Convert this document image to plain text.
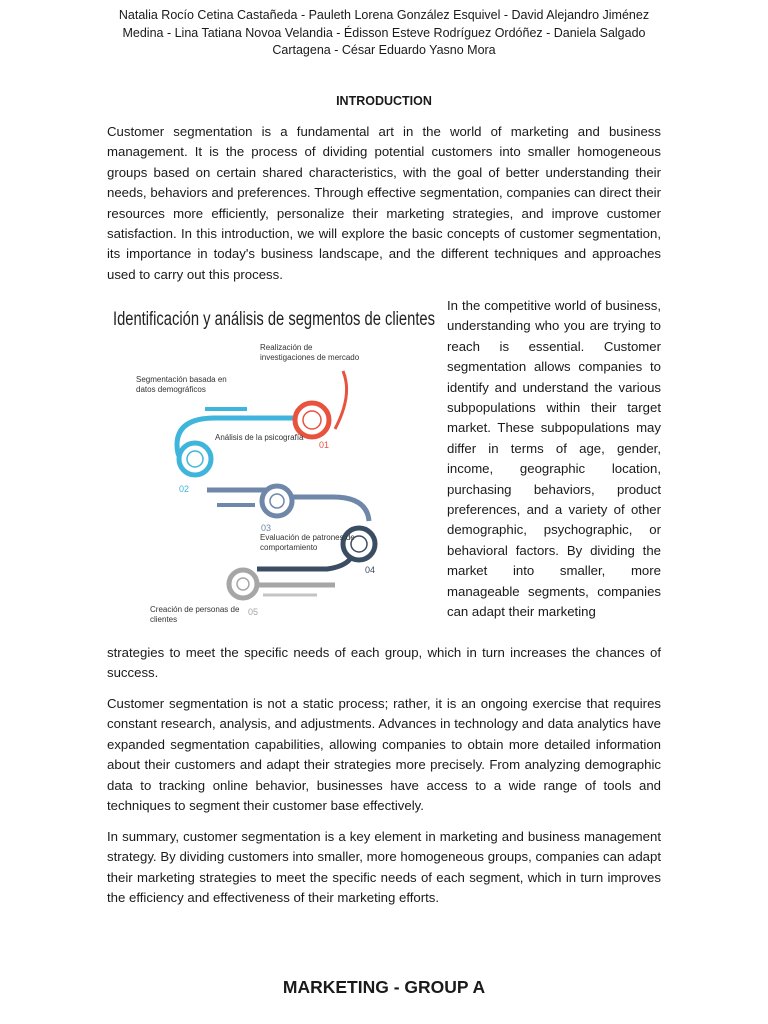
Natalia Rocío Cetina Castañeda - Pauleth Lorena González Esquivel - David Alejandro Jiménez Medina - Lina Tatiana Novoa Velandia - Édisson Esteve Rodríguez Ordóñez - Daniela Salgado Cartagena - César Eduardo Yasno Mora
INTRODUCTION

Customer segmentation is a fundamental art in the world of marketing and business management. It is the process of dividing potential customers into smaller homogeneous groups based on certain shared characteristics, with the goal of better understanding their needs, behaviors and preferences. Through effective segmentation, companies can direct their resources more efficiently, personalize their marketing strategies, and improve customer satisfaction. In this introduction, we will explore the basic concepts of customer segmentation, its importance in today's business landscape, and the different techniques and approaches used to carry out this process.

Identificación y análisis de segmentos de clientes
01
02
03
04
05
Realización de investigaciones de mercado
Segmentación basada en datos demográficos
Análisis de la psicografía
Evaluación de patrones de comportamiento
Creación de personas de clientes

In the competitive world of business, understanding who you are trying to reach is essential. Customer segmentation allows companies to identify and understand the various subpopulations within their target market. These subpopulations may differ in terms of age, gender, income, geographic location, purchasing behaviors, product preferences, and a variety of other demographic, psychographic, or behavioral factors. By dividing the market into smaller, more manageable segments, companies can adapt their marketing

strategies to meet the specific needs of each group, which in turn increases the chances of success.

Customer segmentation is not a static process; rather, it is an ongoing exercise that requires constant research, analysis, and adjustments. Advances in technology and data analytics have expanded segmentation capabilities, allowing companies to obtain more detailed information about their customers and adapt their strategies more precisely. From analyzing demographic data to tracking online behavior, businesses have access to a wide range of tools and techniques to segment their customer base effectively.

In summary, customer segmentation is a key element in marketing and business management strategy. By dividing customers into smaller, more homogeneous groups, companies can adapt their marketing strategies to meet the specific needs of each segment, which in turn improves the efficiency and effectiveness of their marketing efforts.

MARKETING - GROUP A
